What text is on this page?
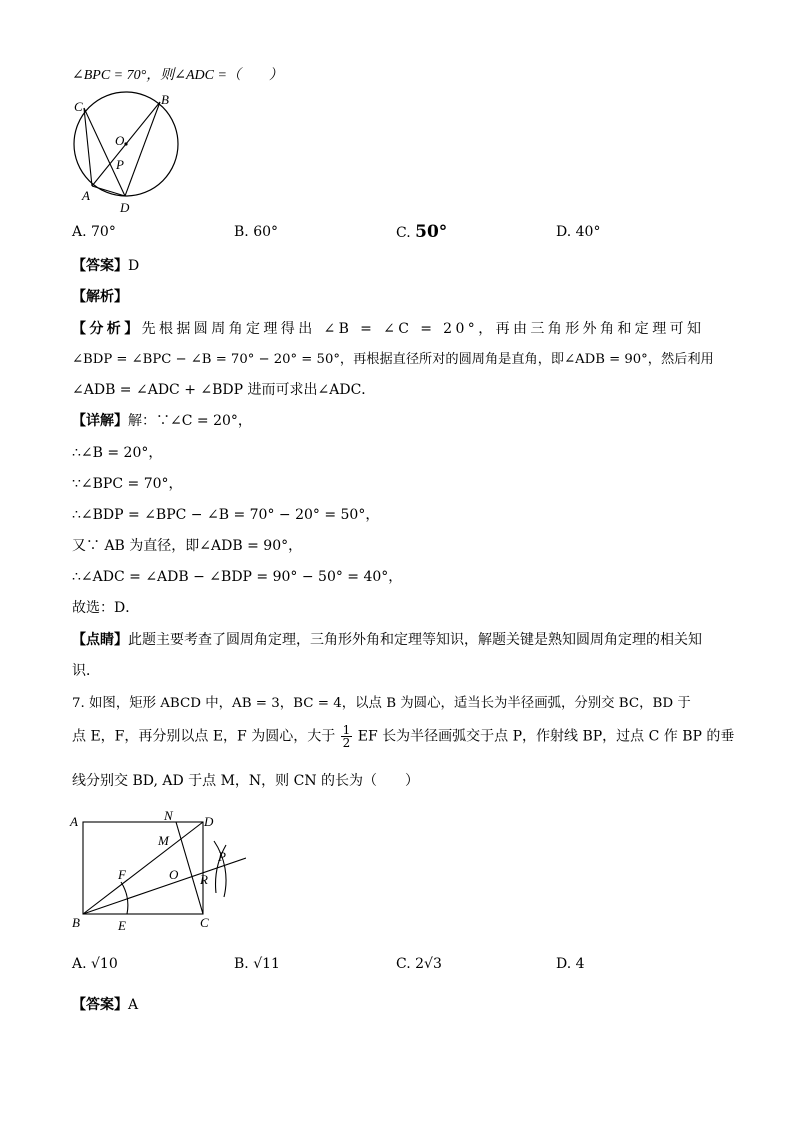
∠BPC = 70°，则∠ADC =（　　）
C	B
O
P
A
D
A. 70°	B. 60°	C. 50°	D. 40°
【答案】D
【解析】
【分析】先根据圆周角定理得出 ∠B = ∠C = 20°，再由三角形外角和定理可知
∠BDP = ∠BPC − ∠B = 70° − 20° = 50°，再根据直径所对的圆周角是直角，即∠ADB = 90°，然后利用
∠ADB = ∠ADC + ∠BDP 进而可求出∠ADC．
【详解】解：∵∠C = 20°，
∴∠B = 20°，
∵∠BPC = 70°，
∴∠BDP = ∠BPC − ∠B = 70° − 20° = 50°，
又∵ AB 为直径，即∠ADB = 90°，
∴∠ADC = ∠ADB − ∠BDP = 90° − 50° = 40°，
故选：D．
【点睛】此题主要考查了圆周角定理，三角形外角和定理等知识，解题关键是熟知圆周角定理的相关知
识．
7. 如图，矩形 ABCD 中，AB = 3，BC = 4，以点 B 为圆心，适当长为半径画弧，分别交 BC，BD 于
点 E，F，再分别以点 E，F 为圆心，大于 $\frac{1}{2}$ EF 长为半径画弧交于点 P，作射线 BP，过点 C 作 BP 的垂
线分别交 BD, AD 于点 M，N，则 CN 的长为（　　）
A	N D
M
P
F	O R
B	E	C
A. √10	B. √11	C. 2√3	D. 4
【答案】A
